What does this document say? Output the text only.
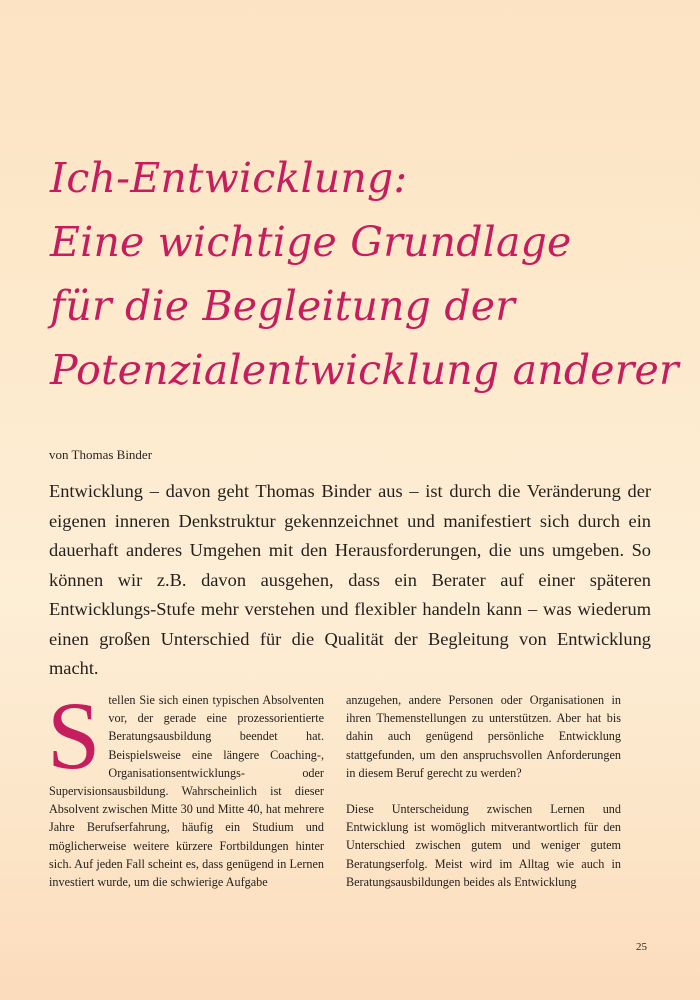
Ich-Entwicklung:
Eine wichtige Grundlage
für die Begleitung der
Potenzialentwicklung anderer

von Thomas Binder

Entwicklung – davon geht Thomas Binder aus – ist durch die Veränderung der eigenen inneren Denkstruktur gekennzeichnet und manifestiert sich durch ein dauerhaft anderes Umgehen mit den Herausforderungen, die uns umgeben. So können wir z.B. davon ausgehen, dass ein Berater auf einer späteren Entwicklungs-Stufe mehr verstehen und flexibler handeln kann – was wiederum einen großen Unterschied für die Qualität der Begleitung von Entwicklung macht.

Stellen Sie sich einen typischen Absolventen vor, der gerade eine prozessorientierte Beratungsausbildung beendet hat. Beispielsweise eine längere Coaching-, Organisationsentwicklungs- oder Supervisionsausbildung. Wahrscheinlich ist dieser Absolvent zwischen Mitte 30 und Mitte 40, hat mehrere Jahre Berufserfahrung, häufig ein Studium und möglicherweise weitere kürzere Fortbildungen hinter sich. Auf jeden Fall scheint es, dass genügend in Lernen investiert wurde, um die schwierige Aufgabe

anzugehen, andere Personen oder Organisationen in ihren Themenstellungen zu unterstützen. Aber hat bis dahin auch genügend persönliche Entwicklung stattgefunden, um den anspruchsvollen Anforderungen in diesem Beruf gerecht zu werden?

Diese Unterscheidung zwischen Lernen und Entwicklung ist womöglich mitverantwortlich für den Unterschied zwischen gutem und weniger gutem Beratungserfolg. Meist wird im Alltag wie auch in Beratungsausbildungen beides als Entwicklung

25
